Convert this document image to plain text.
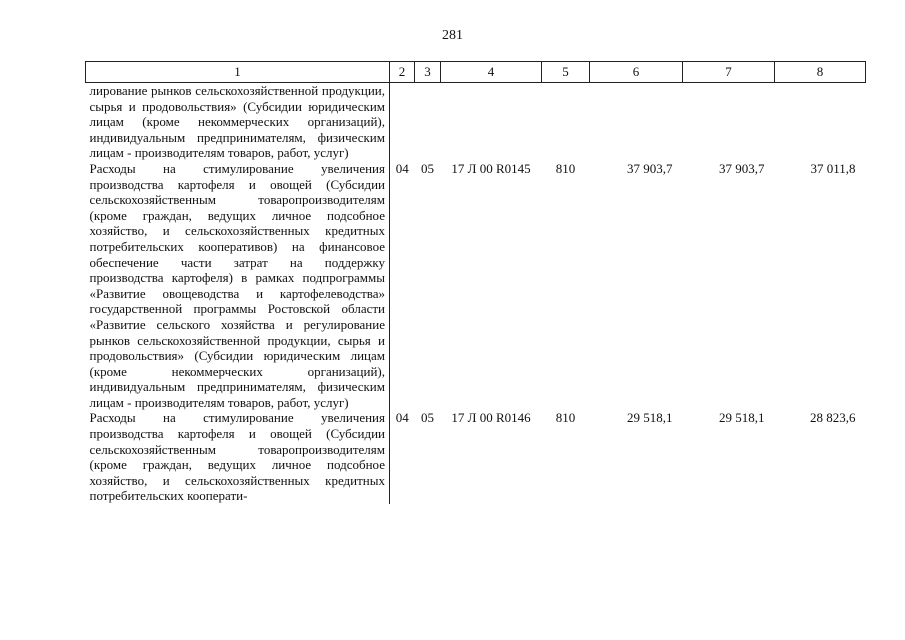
281
1	2	3	4	5	6	7	8
лирование рынков сельскохозяйственной продукции, сырья и продовольствия» (Субсидии юридическим лицам (кроме некоммерческих организаций), индивидуальным предпринимателям, физическим лицам - производителям товаров, работ, услуг)							
Расходы на стимулирование увеличения производства картофеля и овощей (Субсидии сельскохозяйственным товаропроизводителям (кроме граждан, ведущих личное подсобное хозяйство, и сельскохозяйственных кредитных потребительских кооперативов) на финансовое обеспечение части затрат на поддержку производства картофеля) в рамках подпрограммы «Развитие овощеводства и картофелеводства» государственной программы Ростовской области «Развитие сельского хозяйства и регулирование рынков сельскохозяйственной продукции, сырья и продовольствия» (Субсидии юридическим лицам (кроме некоммерческих организаций), индивидуальным предпринимателям, физическим лицам - производителям товаров, работ, услуг)	04	05	17 Л 00 R0145	810	37 903,7	37 903,7	37 011,8
Расходы на стимулирование увеличения производства картофеля и овощей (Субсидии сельскохозяйственным товаропроизводителям (кроме граждан, ведущих личное подсобное хозяйство, и сельскохозяйственных кредитных потребительских кооперати-	04	05	17 Л 00 R0146	810	29 518,1	29 518,1	28 823,6
